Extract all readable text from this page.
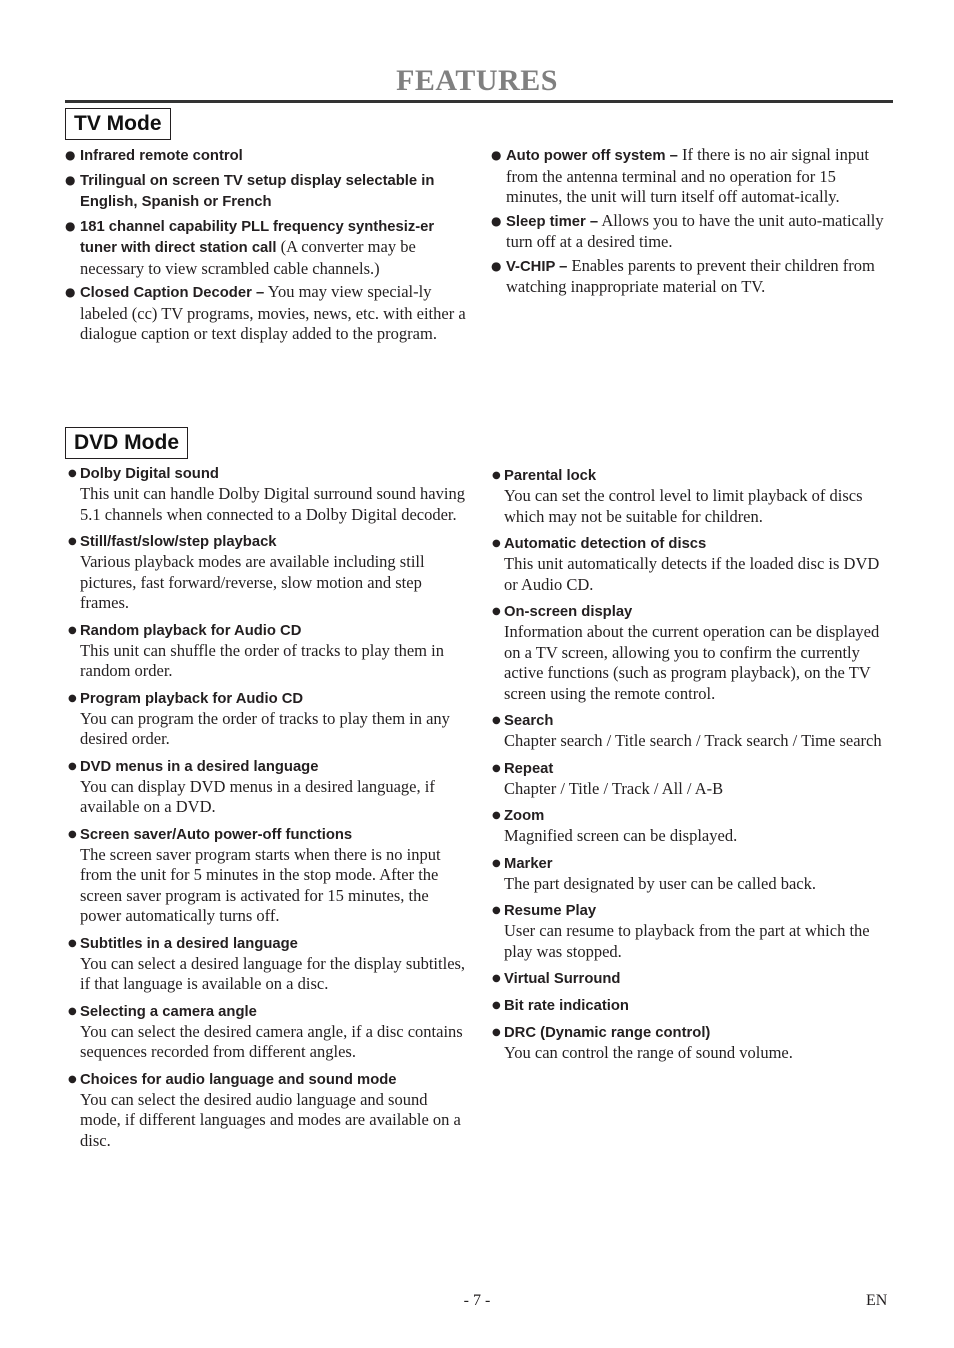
FEATURES
TV Mode
● Infrared remote control
● Trilingual on screen TV setup display selectable in English, Spanish or French
● 181 channel capability PLL frequency synthesiz-er tuner with direct station call (A converter may be necessary to view scrambled cable channels.)
● Closed Caption Decoder – You may view special-ly labeled (cc) TV programs, movies, news, etc. with either a dialogue caption or text display added to the program.
● Auto power off system – If there is no air signal input from the antenna terminal and no operation for 15 minutes, the unit will turn itself off automat-ically.
● Sleep timer – Allows you to have the unit auto-matically turn off at a desired time.
● V-CHIP – Enables parents to prevent their children from watching inappropriate material on TV.
DVD Mode
● Dolby Digital sound
This unit can handle Dolby Digital surround sound having 5.1 channels when connected to a Dolby Digital decoder.
● Still/fast/slow/step playback
Various playback modes are available including still pictures, fast forward/reverse, slow motion and step frames.
● Random playback for Audio CD
This unit can shuffle the order of tracks to play them in random order.
● Program playback for Audio CD
You can program the order of tracks to play them in any desired order.
● DVD menus in a desired language
You can display DVD menus in a desired language, if available on a DVD.
● Screen saver/Auto power-off functions
The screen saver program starts when there is no input from the unit for 5 minutes in the stop mode. After the screen saver program is activated for 15 minutes, the power automatically turns off.
● Subtitles in a desired language
You can select a desired language for the display subtitles, if that language is available on a disc.
● Selecting a camera angle
You can select the desired camera angle, if a disc contains sequences recorded from different angles.
● Choices for audio language and sound mode
You can select the desired audio language and sound mode, if different languages and modes are available on a disc.
● Parental lock
You can set the control level to limit playback of discs which may not be suitable for children.
● Automatic detection of discs
This unit automatically detects if the loaded disc is DVD or Audio CD.
● On-screen display
Information about the current operation can be displayed on a TV screen, allowing you to confirm the currently active functions (such as program playback), on the TV screen using the remote control.
● Search
Chapter search / Title search / Track search / Time search
● Repeat
Chapter / Title / Track / All / A-B
● Zoom
Magnified screen can be displayed.
● Marker
The part designated by user can be called back.
● Resume Play
User can resume to playback from the part at which the play was stopped.
● Virtual Surround
● Bit rate indication
● DRC (Dynamic range control)
You can control the range of sound volume.
- 7 -	EN
